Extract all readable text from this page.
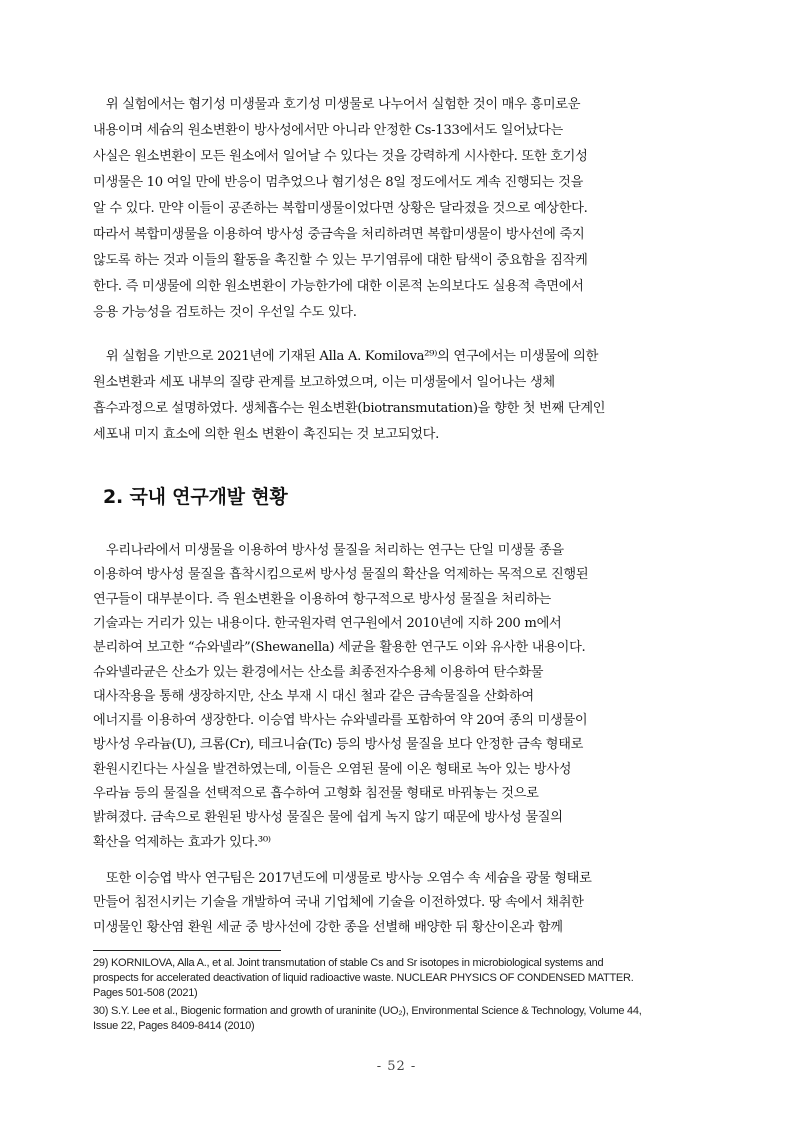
　위 실험에서는 혐기성 미생물과 호기성 미생물로 나누어서 실험한 것이 매우 흥미로운
내용이며 세슘의 원소변환이 방사성에서만 아니라 안정한 Cs-133에서도 일어났다는
사실은 원소변환이 모든 원소에서 일어날 수 있다는 것을 강력하게 시사한다. 또한 호기성
미생물은 10 여일 만에 반응이 멈추었으나 혐기성은 8일 정도에서도 계속 진행되는 것을
알 수 있다. 만약 이들이 공존하는 복합미생물이었다면 상황은 달라졌을 것으로 예상한다.
따라서 복합미생물을 이용하여 방사성 중금속을 처리하려면 복합미생물이 방사선에 죽지
않도록 하는 것과 이들의 활동을 촉진할 수 있는 무기염류에 대한 탐색이 중요함을 짐작케
한다. 즉 미생물에 의한 원소변환이 가능한가에 대한 이론적 논의보다도 실용적 측면에서
응용 가능성을 검토하는 것이 우선일 수도 있다.
　위 실험을 기반으로 2021년에 기재된 Alla A. Komilova²⁹⁾의 연구에서는 미생물에 의한
원소변환과 세포 내부의 질량 관계를 보고하였으며, 이는 미생물에서 일어나는 생체
흡수과정으로 설명하였다. 생체흡수는 원소변환(biotransmutation)을 향한 첫 번째 단계인
세포내 미지 효소에 의한 원소 변환이 촉진되는 것 보고되었다.
2. 국내 연구개발 현황
　우리나라에서 미생물을 이용하여 방사성 물질을 처리하는 연구는 단일 미생물 종을
이용하여 방사성 물질을 흡착시킴으로써 방사성 물질의 확산을 억제하는 목적으로 진행된
연구들이 대부분이다. 즉 원소변환을 이용하여 항구적으로 방사성 물질을 처리하는
기술과는 거리가 있는 내용이다. 한국원자력 연구원에서 2010년에 지하 200 m에서
분리하여 보고한 “슈와넬라”(Shewanella) 세균을 활용한 연구도 이와 유사한 내용이다.
슈와넬라균은 산소가 있는 환경에서는 산소를 최종전자수용체 이용하여 탄수화물
대사작용을 통해 생장하지만, 산소 부재 시 대신 철과 같은 금속물질을 산화하여
에너지를 이용하여 생장한다. 이승엽 박사는 슈와넬라를 포함하여 약 20여 종의 미생물이
방사성 우라늄(U), 크롬(Cr), 테크니슘(Tc) 등의 방사성 물질을 보다 안정한 금속 형태로
환원시킨다는 사실을 발견하였는데, 이들은 오염된 물에 이온 형태로 녹아 있는 방사성
우라늄 등의 물질을 선택적으로 흡수하여 고형화 침전물 형태로 바꿔놓는 것으로
밝혀졌다. 금속으로 환원된 방사성 물질은 물에 쉽게 녹지 않기 때문에 방사성 물질의
확산을 억제하는 효과가 있다.³⁰⁾
　또한 이승엽 박사 연구팀은 2017년도에 미생물로 방사능 오염수 속 세슘을 광물 형태로
만들어 침전시키는 기술을 개발하여 국내 기업체에 기술을 이전하였다. 땅 속에서 채취한
미생물인 황산염 환원 세균 중 방사선에 강한 종을 선별해 배양한 뒤 황산이온과 함께
29) KORNILOVA, Alla A., et al. Joint transmutation of stable Cs and Sr isotopes in microbiological systems and
prospects for accelerated deactivation of liquid radioactive waste. NUCLEAR PHYSICS OF CONDENSED MATTER.
Pages 501-508 (2021)
30) S.Y. Lee et al., Biogenic formation and growth of uraninite (UO₂), Environmental Science & Technology, Volume 44,
Issue 22, Pages 8409-8414 (2010)
- 52 -
